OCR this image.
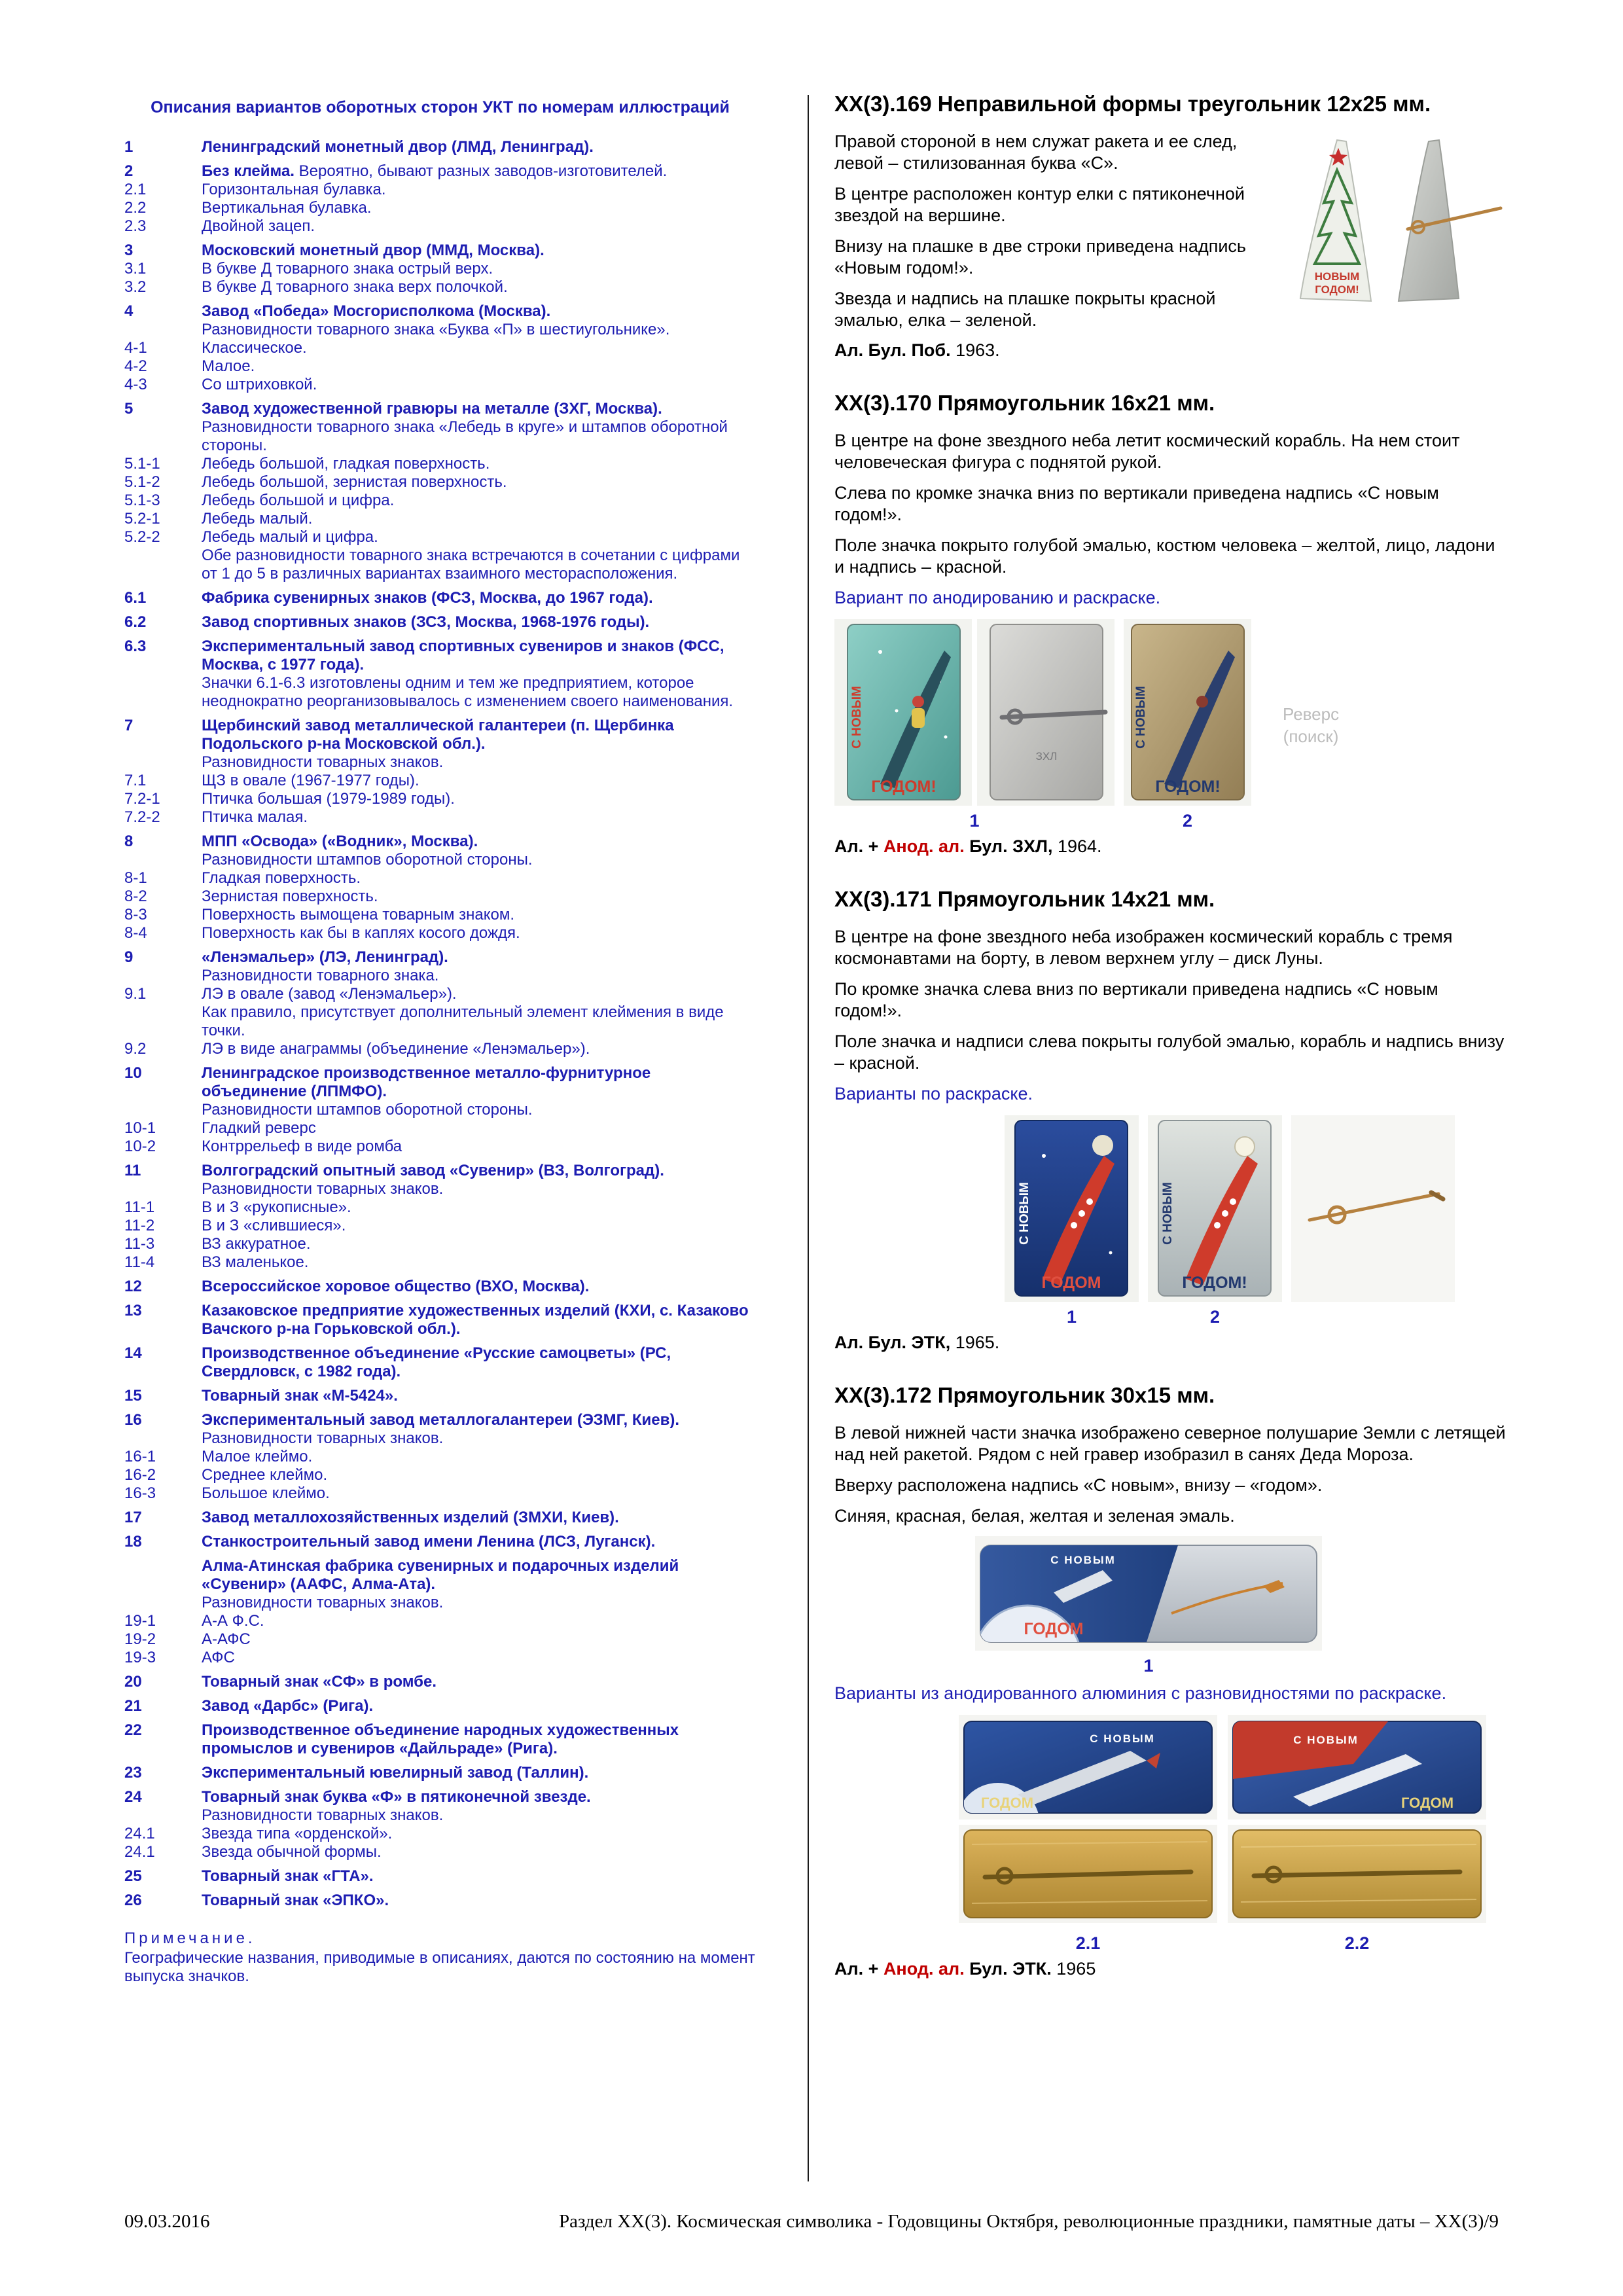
Описания вариантов оборотных сторон УКТ по номерам иллюстраций
1	Ленинградский монетный двор (ЛМД, Ленинград).
2	Без клейма. Вероятно, бывают разных заводов-изготовителей.
2.1	Горизонтальная булавка.
2.2	Вертикальная булавка.
2.3	Двойной зацеп.
3	Московский монетный двор (ММД, Москва).
3.1	В букве Д товарного знака острый верх.
3.2	В букве Д товарного знака верх полочкой.
4	Завод «Победа» Мосгорисполкома (Москва).
Разновидности товарного знака «Буква «П» в шестиугольнике».
4-1	Классическое.
4-2	Малое.
4-3	Со штриховкой.
5	Завод художественной гравюры на металле (ЗХГ, Москва).
Разновидности товарного знака «Лебедь в круге» и штампов оборотной стороны.
5.1-1	Лебедь большой, гладкая поверхность.
5.1-2	Лебедь большой, зернистая поверхность.
5.1-3	Лебедь большой и цифра.
5.2-1	Лебедь малый.
5.2-2	Лебедь малый и цифра.
Обе разновидности товарного знака встречаются в сочетании с цифрами от 1 до 5 в различных вариантах взаимного месторасположения.
6.1	Фабрика сувенирных знаков (ФСЗ, Москва, до 1967 года).
6.2	Завод спортивных знаков (ЗСЗ, Москва, 1968-1976 годы).
6.3	Экспериментальный завод спортивных сувениров и знаков (ФСС, Москва, с 1977 года).
Значки 6.1-6.3 изготовлены одним и тем же предприятием, которое неоднократно реорганизовывалось с изменением своего наименования.
7	Щербинский завод металлической галантереи (п. Щербинка Подольского р-на Московской обл.).
Разновидности товарных знаков.
7.1	ЩЗ в овале (1967-1977 годы).
7.2-1	Птичка большая (1979-1989 годы).
7.2-2	Птичка малая.
8	МПП «Освода» («Водник», Москва).
Разновидности штампов оборотной стороны.
8-1	Гладкая поверхность.
8-2	Зернистая поверхность.
8-3	Поверхность вымощена товарным знаком.
8-4	Поверхность как бы в каплях косого дождя.
9	«Ленэмальер» (ЛЭ, Ленинград).
Разновидности товарного знака.
9.1	ЛЭ в овале (завод «Ленэмальер»).
Как правило, присутствует дополнительный элемент клеймения в виде точки.
9.2	ЛЭ в виде анаграммы (объединение «Ленэмальер»).
10	Ленинградское производственное металло-фурнитурное объединение (ЛПМФО).
Разновидности штампов оборотной стороны.
10-1	Гладкий реверс
10-2	Контррельеф в виде ромба
11	Волгоградский опытный завод «Сувенир» (ВЗ, Волгоград).
Разновидности товарных знаков.
11-1	В и З «рукописные».
11-2	В и З «слившиеся».
11-3	ВЗ аккуратное.
11-4	ВЗ маленькое.
12	Всероссийское хоровое общество (ВХО, Москва).
13	Казаковское предприятие художественных изделий (КХИ, с. Казаково Вачского р-на Горьковской обл.).
14	Производственное объединение «Русские самоцветы» (РС, Свердловск, с 1982 года).
15	Товарный знак «М-5424».
16	Экспериментальный завод металлогалантереи (ЭЗМГ, Киев).
Разновидности товарных знаков.
16-1	Малое клеймо.
16-2	Среднее клеймо.
16-3	Большое клеймо.
17	Завод металлохозяйственных изделий (ЗМХИ, Киев).
18	Станкостроительный завод имени Ленина (ЛСЗ, Луганск).
Алма-Атинская фабрика сувенирных и подарочных изделий «Сувенир» (ААФС, Алма-Ата).
Разновидности товарных знаков.
19-1	А-А Ф.С.
19-2	А-АФС
19-3	АФС
20	Товарный знак «СФ» в ромбе.
21	Завод «Дарбс» (Рига).
22	Производственное объединение народных художественных промыслов и сувениров «Дайльраде» (Рига).
23	Экспериментальный ювелирный завод (Таллин).
24	Товарный знак буква «Ф» в пятиконечной звезде.
Разновидности товарных знаков.
24.1	Звезда типа «орденской».
24.1	Звезда обычной формы.
25	Товарный знак «ГТА».
26	Товарный знак «ЭПКО».
Примечание.
Географические названия, приводимые в описаниях, даются по состоянию на момент выпуска значков.
XX(3).169 Неправильной формы треугольник 12х25 мм.
НОВЫМ
ГОДОМ!

Правой стороной в нем служат ракета и ее след, левой – стилизованная буква «С».

В центре расположен контур елки с пятиконечной звездой на вершине.

Внизу на плашке в две строки приведена надпись «Новым годом!».

Звезда и надпись на плашке покрыты красной эмалью, елка – зеленой.

Ал. Бул. Поб. 1963.

XX(3).170 Прямоугольник 16х21 мм.

В центре на фоне звездного неба летит космический корабль. На нем стоит человеческая фигура с поднятой рукой.

Слева по кромке значка вниз по вертикали приведена надпись «С новым годом!».

Поле значка покрыто голубой эмалью, костюм человека – желтой, лицо, ладони и надпись – красной.

Вариант по анодированию и раскраске.

С НОВЫМ
ГОДОМ!
ЗХЛ
1
С НОВЫМ
ГОДОМ!
2
Реверс
(поиск)

Ал. + Анод. ал. Бул. ЗХЛ, 1964.

XX(3).171 Прямоугольник 14х21 мм.

В центре на фоне звездного неба изображен космический корабль с тремя космонавтами на борту, в левом верхнем углу – диск Луны.

По кромке значка слева вниз по вертикали приведена надпись «С новым годом!».

Поле значка и надписи слева покрыты голубой эмалью, корабль и надпись внизу – красной.

Варианты по раскраске.

С НОВЫМ
ГОДОМ
1
С НОВЫМ
ГОДОМ!
2

Ал. Бул. ЭТК, 1965.

XX(3).172 Прямоугольник 30х15 мм.

В левой нижней части значка изображено северное полушарие Земли с летящей над ней ракетой. Рядом с ней гравер изобразил в санях Деда Мороза.

Вверху расположена надпись «С новым», внизу – «годом».

Синяя, красная, белая, желтая и зеленая эмаль.

С НОВЫМ
ГОДОМ
1

Варианты из анодированного алюминия с разновидностями по раскраске.

С НОВЫМ
ГОДОМ
2.1
С НОВЫМ
ГОДОМ
2.2

Ал. + Анод. ал. Бул. ЭТК. 1965

09.03.2016	Раздел XX(3). Космическая символика - Годовщины Октября, революционные праздники, памятные даты – XX(3)/9
